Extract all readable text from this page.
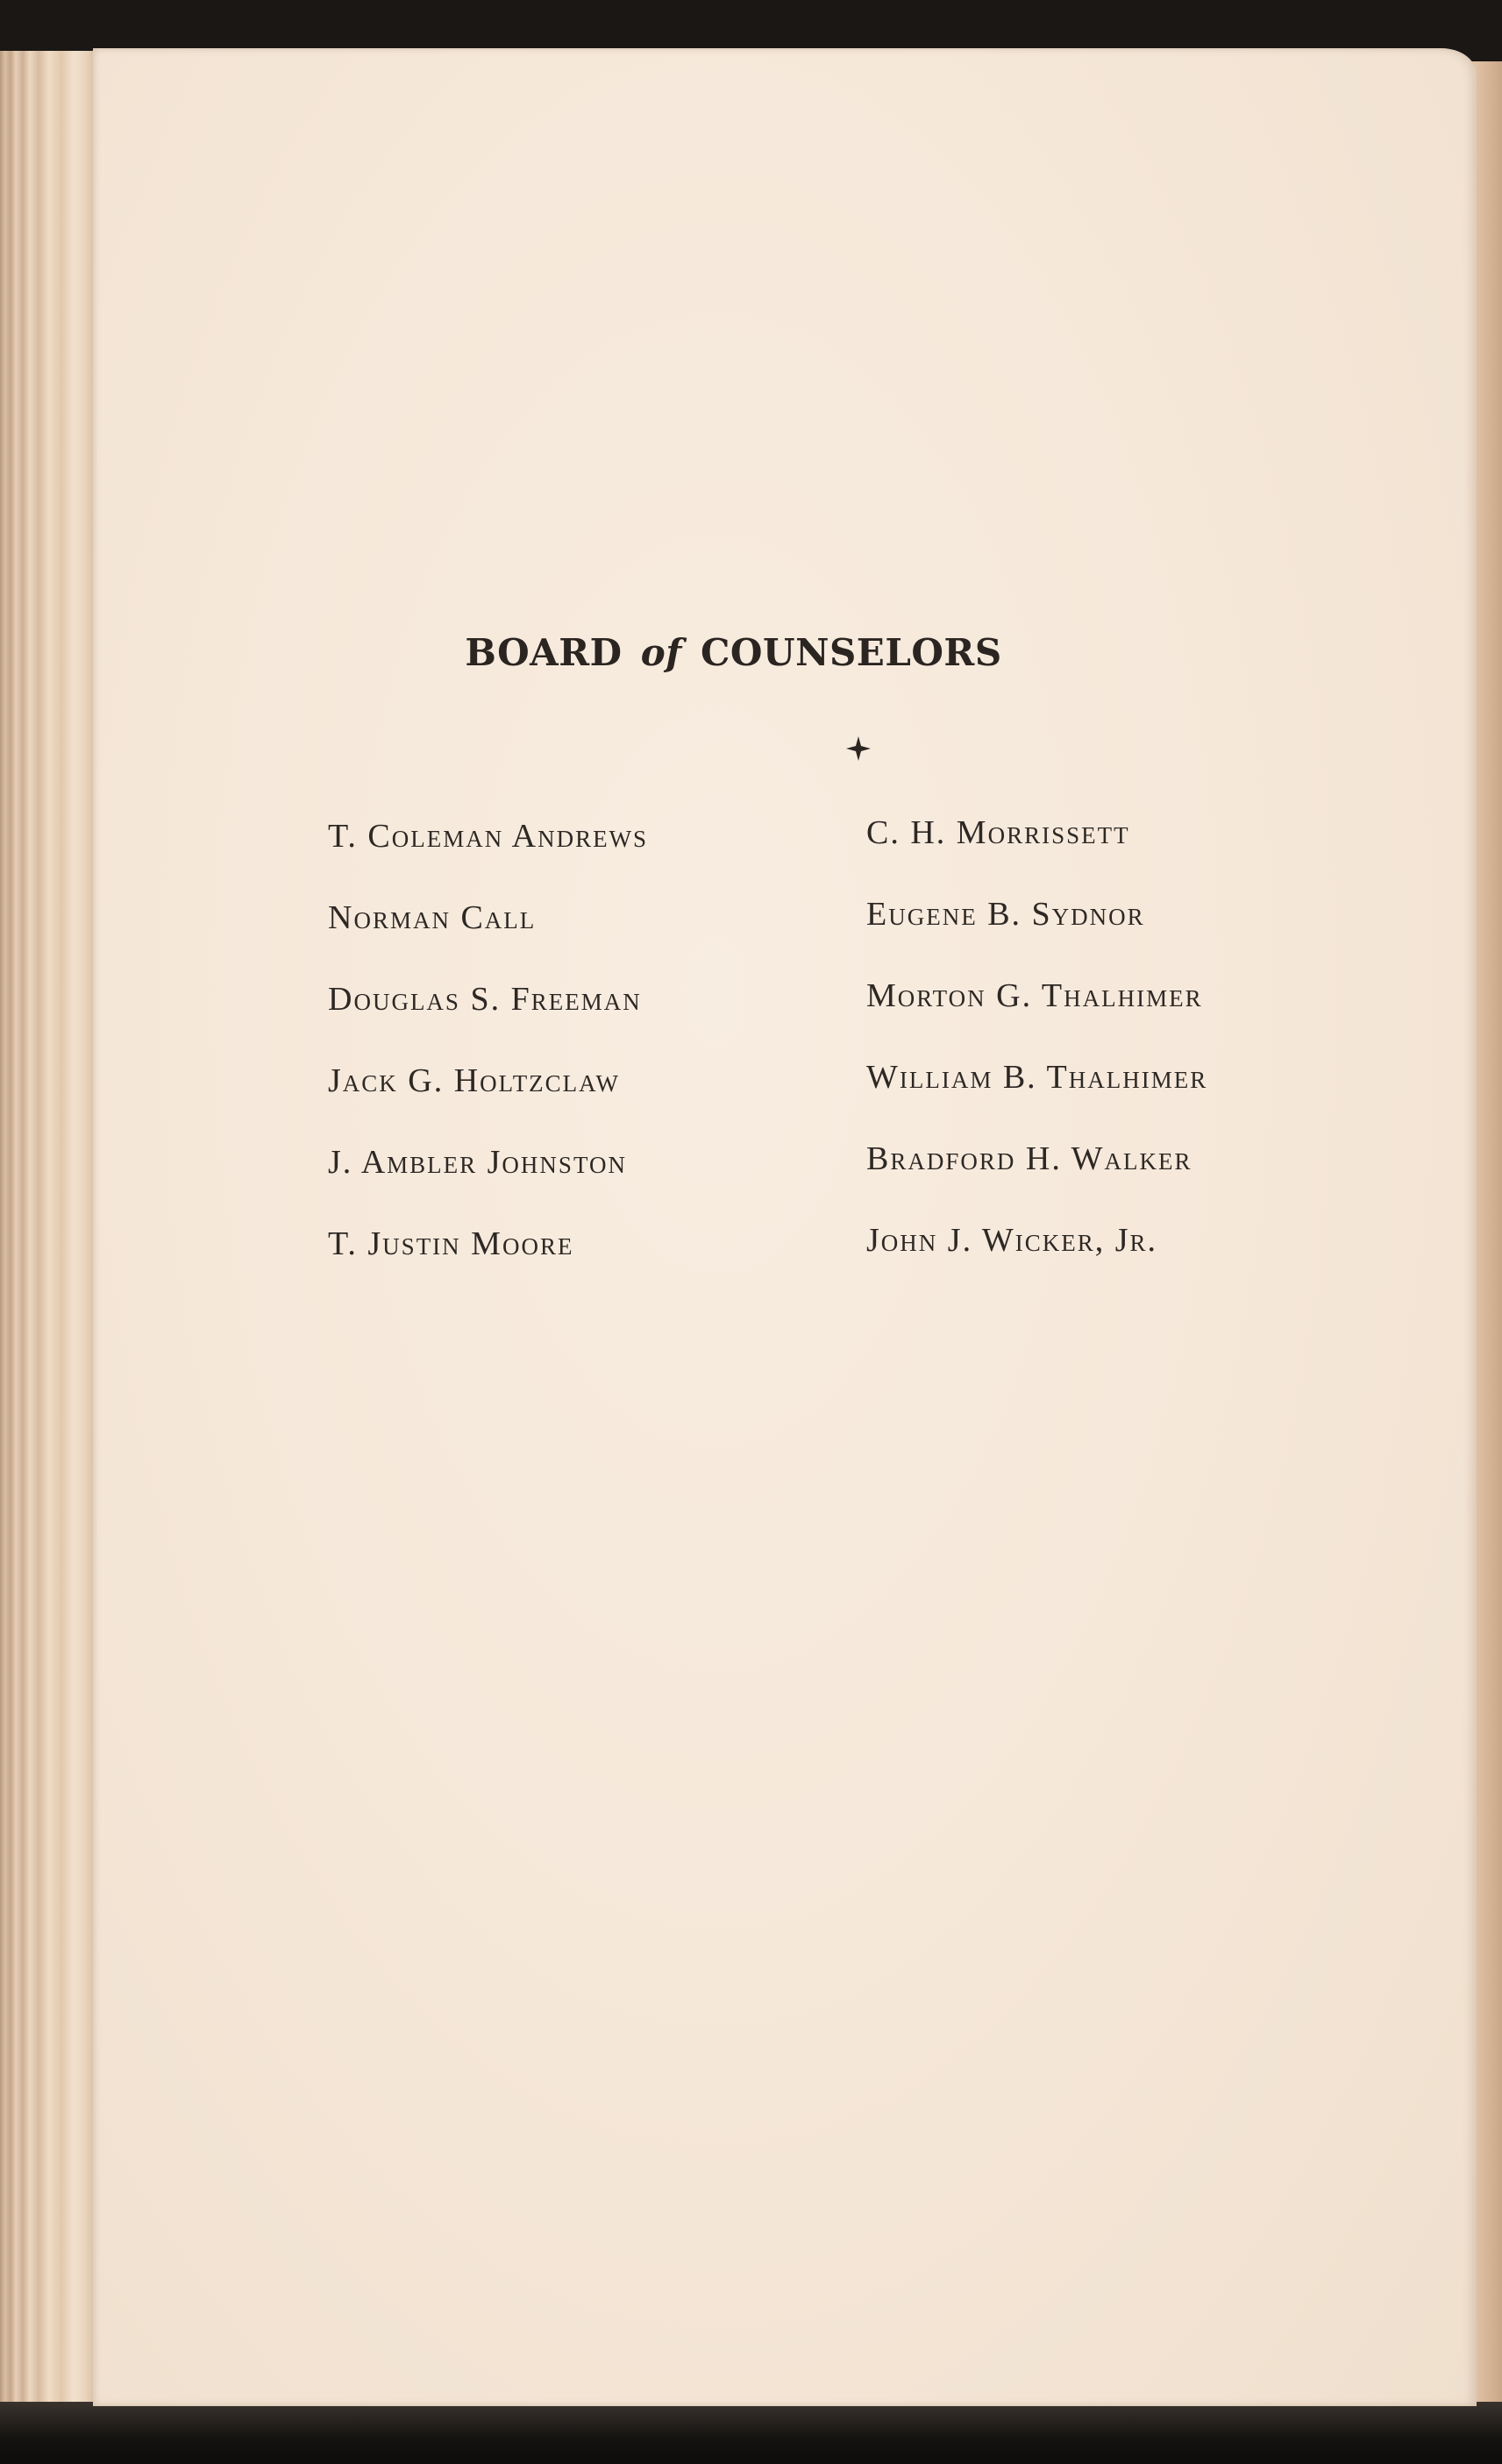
BOARD of COUNSELORS
T. Coleman Andrews
Norman Call
Douglas S. Freeman
Jack G. Holtzclaw
J. Ambler Johnston
T. Justin Moore
C. H. Morrissett
Eugene B. Sydnor
Morton G. Thalhimer
William B. Thalhimer
Bradford H. Walker
John J. Wicker, Jr.
